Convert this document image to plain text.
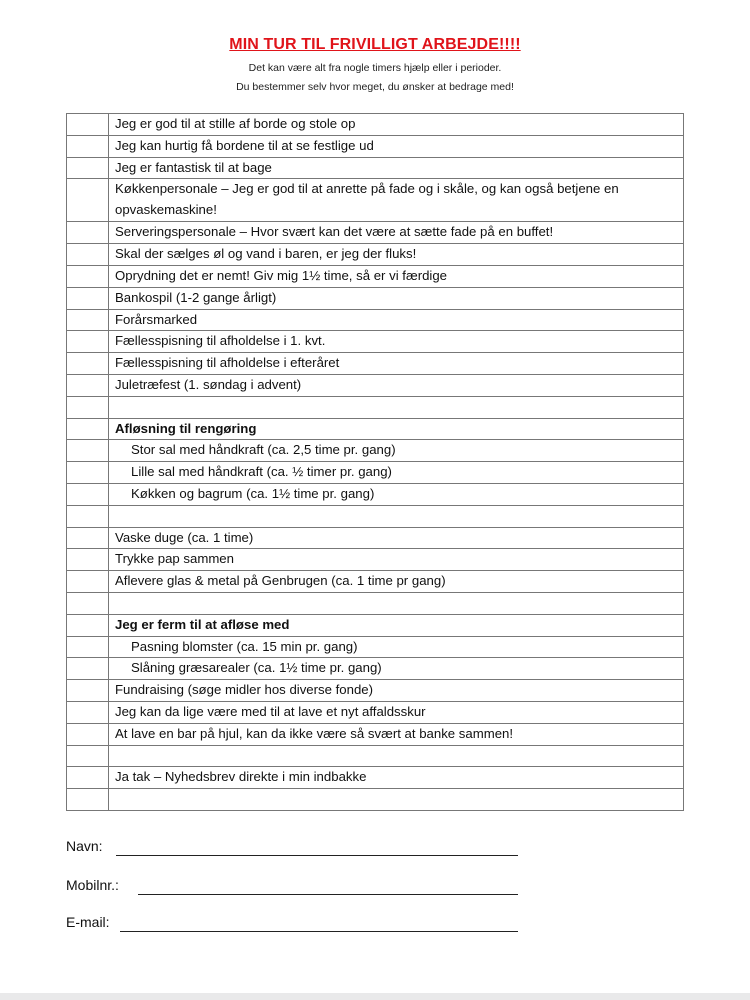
MIN TUR TIL FRIVILLIGT ARBEJDE!!!!
Det kan være alt fra nogle timers hjælp eller i perioder.
Du bestemmer selv hvor meget, du ønsker at bedrage med!
	Jeg er god til at stille af borde og stole op
	Jeg kan hurtig få bordene til at se festlige ud
	Jeg er fantastisk til at bage
	Køkkenpersonale – Jeg er god til at anrette på fade og i skåle, og kan også betjene en opvaskemaskine!
	Serveringspersonale – Hvor svært kan det være at sætte fade på en buffet!
	Skal der sælges øl og vand i baren, er jeg der fluks!
	Oprydning det er nemt! Giv mig 1½ time, så er vi færdige
	Bankospil (1-2 gange årligt)
	Forårsmarked
	Fællesspisning til afholdelse i 1. kvt.
	Fællesspisning til afholdelse i efteråret
	Juletræfest (1. søndag i advent)

	Afløsning til rengøring
	Stor sal med håndkraft (ca. 2,5 time pr. gang)
	Lille sal med håndkraft (ca. ½ timer pr. gang)
	Køkken og bagrum (ca. 1½ time pr. gang)

	Vaske duge (ca. 1 time)
	Trykke pap sammen
	Aflevere glas & metal på Genbrugen (ca. 1 time pr gang)

	Jeg er ferm til at afløse med
	Pasning blomster (ca. 15 min pr. gang)
	Slåning græsarealer (ca. 1½ time pr. gang)
	Fundraising (søge midler hos diverse fonde)
	Jeg kan da lige være med til at lave et nyt affaldsskur
	At lave en bar på hjul, kan da ikke være så svært at banke sammen!

	Ja tak – Nyhedsbrev direkte i min indbakke

Navn:
Mobilnr.:
E-mail:
